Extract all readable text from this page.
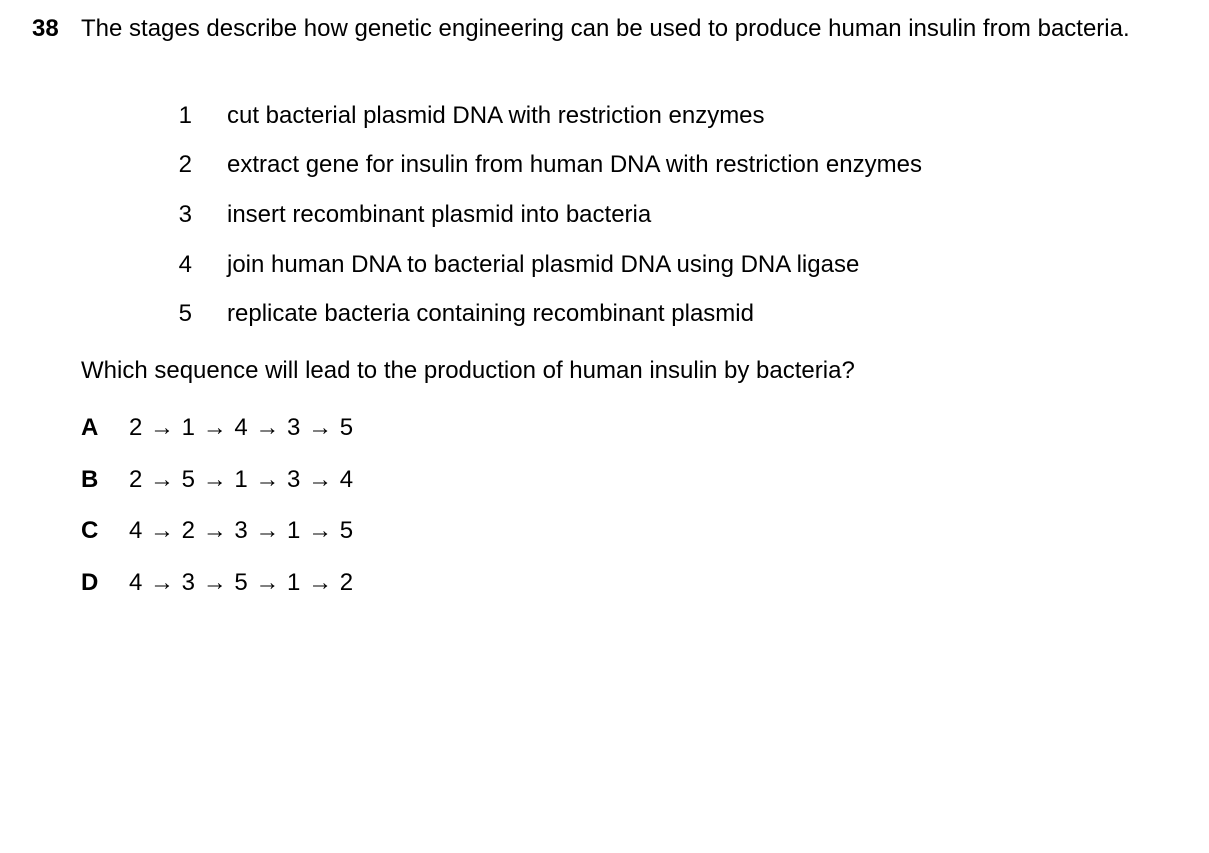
38 The stages describe how genetic engineering can be used to produce human insulin from bacteria.
1 cut bacterial plasmid DNA with restriction enzymes
2 extract gene for insulin from human DNA with restriction enzymes
3 insert recombinant plasmid into bacteria
4 join human DNA to bacterial plasmid DNA using DNA ligase
5 replicate bacteria containing recombinant plasmid
Which sequence will lead to the production of human insulin by bacteria?
A 2 → 1 → 4 → 3 → 5
B 2 → 5 → 1 → 3 → 4
C 4 → 2 → 3 → 1 → 5
D 4 → 3 → 5 → 1 → 2
